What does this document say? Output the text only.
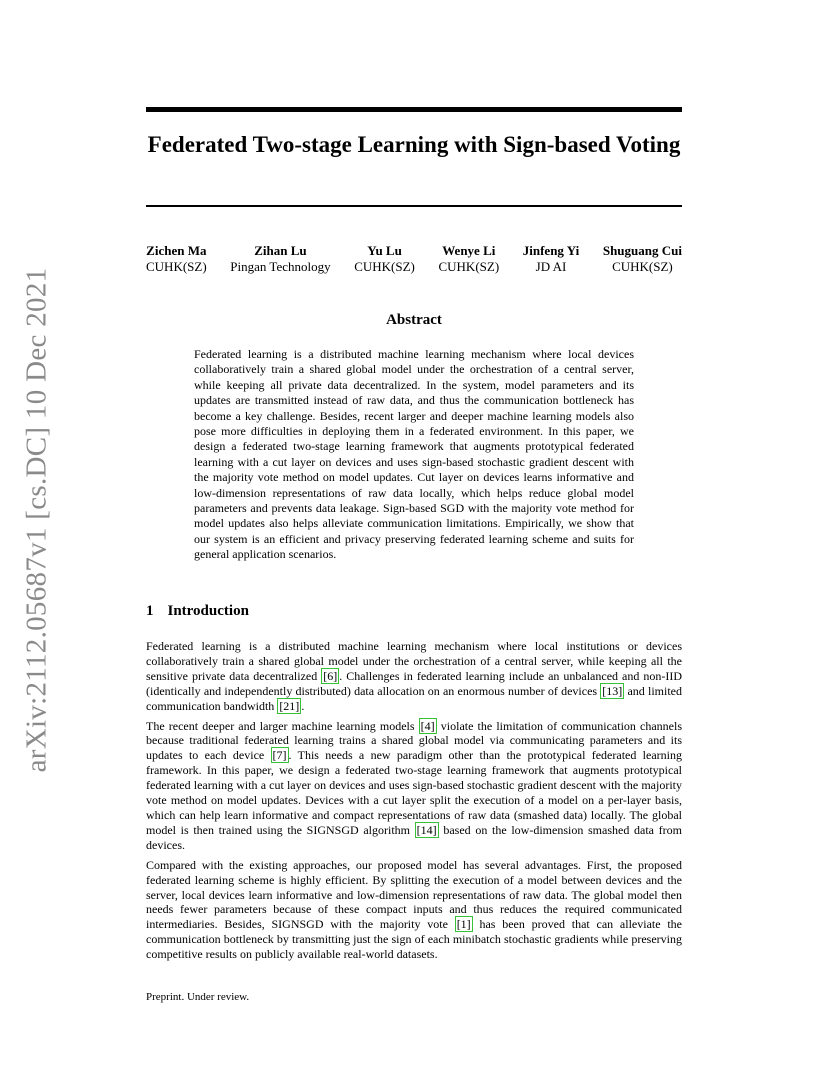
arXiv:2112.05687v1 [cs.DC] 10 Dec 2021
Federated Two-stage Learning with Sign-based Voting
Zichen Ma
CUHK(SZ)
Zihan Lu
Pingan Technology
Yu Lu
CUHK(SZ)
Wenye Li
CUHK(SZ)
Jinfeng Yi
JD AI
Shuguang Cui
CUHK(SZ)
Abstract
Federated learning is a distributed machine learning mechanism where local devices collaboratively train a shared global model under the orchestration of a central server, while keeping all private data decentralized. In the system, model parameters and its updates are transmitted instead of raw data, and thus the communication bottleneck has become a key challenge. Besides, recent larger and deeper machine learning models also pose more difficulties in deploying them in a federated environment. In this paper, we design a federated two-stage learning framework that augments prototypical federated learning with a cut layer on devices and uses sign-based stochastic gradient descent with the majority vote method on model updates. Cut layer on devices learns informative and low-dimension representations of raw data locally, which helps reduce global model parameters and prevents data leakage. Sign-based SGD with the majority vote method for model updates also helps alleviate communication limitations. Empirically, we show that our system is an efficient and privacy preserving federated learning scheme and suits for general application scenarios.
1 Introduction

Federated learning is a distributed machine learning mechanism where local institutions or devices collaboratively train a shared global model under the orchestration of a central server, while keeping all the sensitive private data decentralized [6] . Challenges in federated learning include an unbalanced and non-IID (identically and independently distributed) data allocation on an enormous number of devices [13] and limited communication bandwidth [21] .

The recent deeper and larger machine learning models [4] violate the limitation of communication channels because traditional federated learning trains a shared global model via communicating parameters and its updates to each device [7] . This needs a new paradigm other than the prototypical federated learning framework. In this paper, we design a federated two-stage learning framework that augments prototypical federated learning with a cut layer on devices and uses sign-based stochastic gradient descent with the majority vote method on model updates. Devices with a cut layer split the execution of a model on a per-layer basis, which can help learn informative and compact representations of raw data (smashed data) locally. The global model is then trained using the SIGNSGD algorithm [14] based on the low-dimension smashed data from devices.

Compared with the existing approaches, our proposed model has several advantages. First, the proposed federated learning scheme is highly efficient. By splitting the execution of a model between devices and the server, local devices learn informative and low-dimension representations of raw data. The global model then needs fewer parameters because of these compact inputs and thus reduces the required communicated intermediaries. Besides, SIGNSGD with the majority vote [1] has been proved that can alleviate the communication bottleneck by transmitting just the sign of each minibatch stochastic gradients while preserving competitive results on publicly available real-world datasets.

Preprint. Under review.
